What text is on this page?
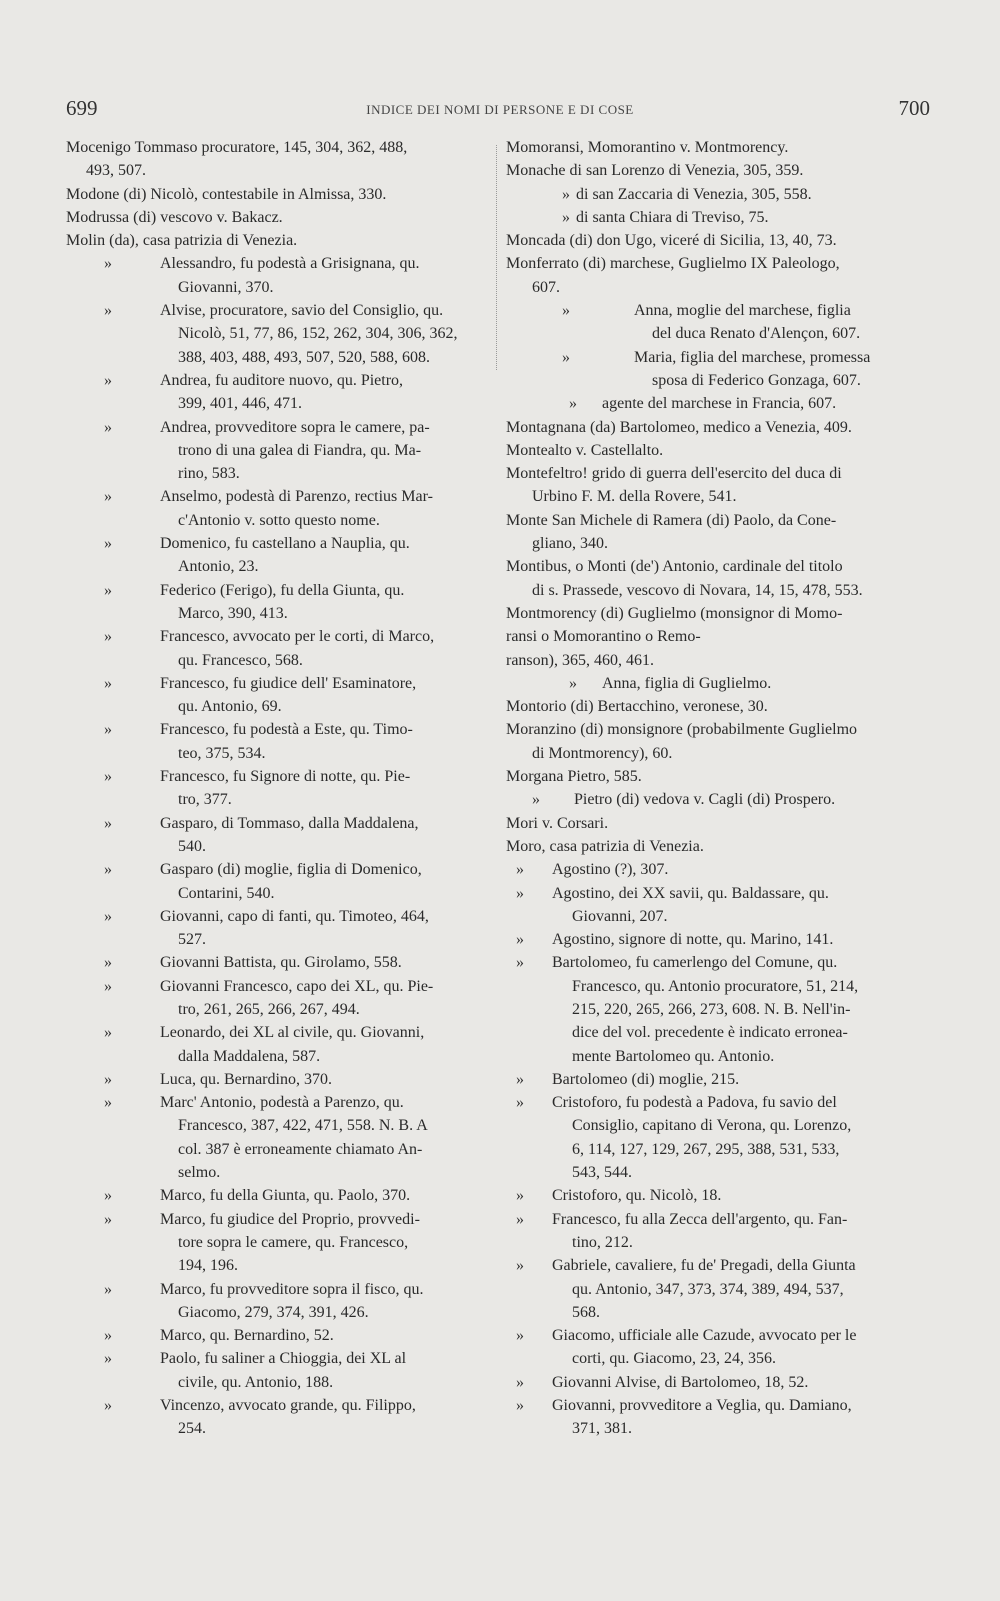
699	INDICE DEI NOMI DI PERSONE E DI COSE	700
Mocenigo Tommaso procuratore, 145, 304, 362, 488,
493, 507.
Modone (di) Nicolò, contestabile in Almissa, 330.
Modrussa (di) vescovo v. Bakacz.
Molin (da), casa patrizia di Venezia.
»	Alessandro, fu podestà a Grisignana, qu.
Giovanni, 370.
»	Alvise, procuratore, savio del Consiglio, qu.
Nicolò, 51, 77, 86, 152, 262, 304, 306, 362,
388, 403, 488, 493, 507, 520, 588, 608.
»	Andrea, fu auditore nuovo, qu. Pietro,
399, 401, 446, 471.
»	Andrea, provveditore sopra le camere, pa-
trono di una galea di Fiandra, qu. Ma-
rino, 583.
»	Anselmo, podestà di Parenzo, rectius Mar-
c'Antonio v. sotto questo nome.
»	Domenico, fu castellano a Nauplia, qu.
Antonio, 23.
»	Federico (Ferigo), fu della Giunta, qu.
Marco, 390, 413.
»	Francesco, avvocato per le corti, di Marco,
qu. Francesco, 568.
»	Francesco, fu giudice dell' Esaminatore,
qu. Antonio, 69.
»	Francesco, fu podestà a Este, qu. Timo-
teo, 375, 534.
»	Francesco, fu Signore di notte, qu. Pie-
tro, 377.
»	Gasparo, di Tommaso, dalla Maddalena,
540.
»	Gasparo (di) moglie, figlia di Domenico,
Contarini, 540.
»	Giovanni, capo di fanti, qu. Timoteo, 464,
527.
»	Giovanni Battista, qu. Girolamo, 558.
»	Giovanni Francesco, capo dei XL, qu. Pie-
tro, 261, 265, 266, 267, 494.
»	Leonardo, dei XL al civile, qu. Giovanni,
dalla Maddalena, 587.
»	Luca, qu. Bernardino, 370.
»	Marc' Antonio, podestà a Parenzo, qu.
Francesco, 387, 422, 471, 558. N. B. A
col. 387 è erroneamente chiamato An-
selmo.
»	Marco, fu della Giunta, qu. Paolo, 370.
»	Marco, fu giudice del Proprio, provvedi-
tore sopra le camere, qu. Francesco,
194, 196.
»	Marco, fu provveditore sopra il fisco, qu.
Giacomo, 279, 374, 391, 426.
»	Marco, qu. Bernardino, 52.
»	Paolo, fu saliner a Chioggia, dei XL al
civile, qu. Antonio, 188.
»	Vincenzo, avvocato grande, qu. Filippo,
254.
Momoransi, Momorantino v. Montmorency.
Monache di san Lorenzo di Venezia, 305, 359.
» di san Zaccaria di Venezia, 305, 558.
» di santa Chiara di Treviso, 75.
Moncada (di) don Ugo, viceré di Sicilia, 13, 40, 73.
Monferrato (di) marchese, Guglielmo IX Paleologo,
607.
»	Anna, moglie del marchese, figlia
del duca Renato d'Alençon, 607.
»	Maria, figlia del marchese, promessa
sposa di Federico Gonzaga, 607.
»	agente del marchese in Francia, 607.
Montagnana (da) Bartolomeo, medico a Venezia, 409.
Montealto v. Castellalto.
Montefeltro! grido di guerra dell'esercito del duca di
Urbino F. M. della Rovere, 541.
Monte San Michele di Ramera (di) Paolo, da Cone-
gliano, 340.
Montibus, o Monti (de') Antonio, cardinale del titolo
di s. Prassede, vescovo di Novara, 14, 15, 478, 553.
Montmorency (di) Guglielmo (monsignor di Momo-
ransi o Momorantino o Remo-
ranson), 365, 460, 461.
»	Anna, figlia di Guglielmo.
Montorio (di) Bertacchino, veronese, 30.
Moranzino (di) monsignore (probabilmente Guglielmo
di Montmorency), 60.
Morgana Pietro, 585.
»	Pietro (di) vedova v. Cagli (di) Prospero.
Mori v. Corsari.
Moro, casa patrizia di Venezia.
»	Agostino (?), 307.
»	Agostino, dei XX savii, qu. Baldassare, qu.
Giovanni, 207.
»	Agostino, signore di notte, qu. Marino, 141.
»	Bartolomeo, fu camerlengo del Comune, qu.
Francesco, qu. Antonio procuratore, 51, 214,
215, 220, 265, 266, 273, 608. N. B. Nell'in-
dice del vol. precedente è indicato erronea-
mente Bartolomeo qu. Antonio.
»	Bartolomeo (di) moglie, 215.
»	Cristoforo, fu podestà a Padova, fu savio del
Consiglio, capitano di Verona, qu. Lorenzo,
6, 114, 127, 129, 267, 295, 388, 531, 533,
543, 544.
»	Cristoforo, qu. Nicolò, 18.
»	Francesco, fu alla Zecca dell'argento, qu. Fan-
tino, 212.
»	Gabriele, cavaliere, fu de' Pregadi, della Giunta
qu. Antonio, 347, 373, 374, 389, 494, 537,
568.
»	Giacomo, ufficiale alle Cazude, avvocato per le
corti, qu. Giacomo, 23, 24, 356.
»	Giovanni Alvise, di Bartolomeo, 18, 52.
»	Giovanni, provveditore a Veglia, qu. Damiano,
371, 381.
